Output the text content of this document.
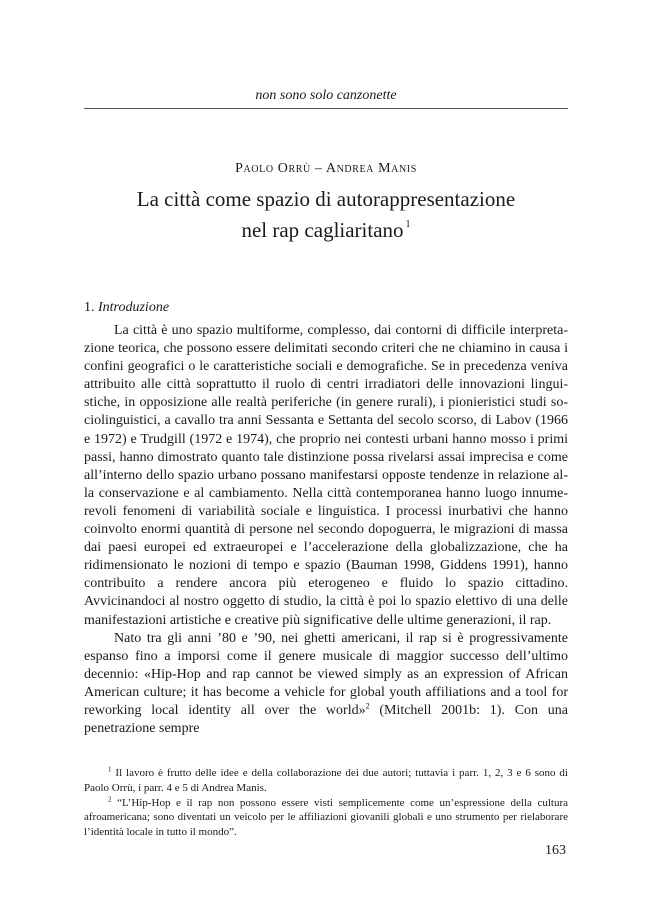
non sono solo canzonette
Paolo Orrù – Andrea Manis
La città come spazio di autorappresentazione
nel rap cagliaritano $^1$
1. Introduzione

La città è uno spazio multiforme, complesso, dai contorni di difficile interpretazione teorica, che possono essere delimitati secondo criteri che ne chiamino in causa i confini geografici o le caratteristiche sociali e demografiche. Se in precedenza veniva attribuito alle città soprattutto il ruolo di centri irradiatori delle innovazioni linguistiche, in opposizione alle realtà periferiche (in genere rurali), i pionieristici studi sociolinguistici, a cavallo tra anni Sessanta e Settanta del secolo scorso, di Labov (1966 e 1972) e Trudgill (1972 e 1974), che proprio nei contesti urbani hanno mosso i primi passi, hanno dimostrato quanto tale distinzione possa rivelarsi assai imprecisa e come all’interno dello spazio urbano possano manifestarsi opposte tendenze in relazione alla conservazione e al cambiamento. Nella città contemporanea hanno luogo innumerevoli fenomeni di variabilità sociale e linguistica. I processi inurbativi che hanno coinvolto enormi quantità di persone nel secondo dopoguerra, le migrazioni di massa dai paesi europei ed extraeuropei e l’accelerazione della globalizzazione, che ha ridimensionato le nozioni di tempo e spazio (Bauman 1998, Giddens 1991), hanno contribuito a rendere ancora più eterogeneo e fluido lo spazio cittadino. Avvicinandoci al nostro oggetto di studio, la città è poi lo spazio elettivo di una delle manifestazioni artistiche e creative più significative delle ultime generazioni, il rap.

Nato tra gli anni ’80 e ’90, nei ghetti americani, il rap si è progressivamente espanso fino a imporsi come il genere musicale di maggior successo dell’ultimo decennio: «Hip-Hop and rap cannot be viewed simply as an expression of African American culture; it has become a vehicle for global youth affiliations and a tool for reworking local identity all over the world»$^2$ (Mitchell 2001b: 1). Con una penetrazione sempre

$^1$ Il lavoro è frutto delle idee e della collaborazione dei due autori; tuttavia i parr. 1, 2, 3 e 6 sono di Paolo Orrù, i parr. 4 e 5 di Andrea Manis.

$^2$ “L’Hip-Hop e il rap non possono essere visti semplicemente come un’espressione della cultura afroamericana; sono diventati un veicolo per le affiliazioni giovanili globali e uno strumento per rielaborare l’identità locale in tutto il mondo”.

163
